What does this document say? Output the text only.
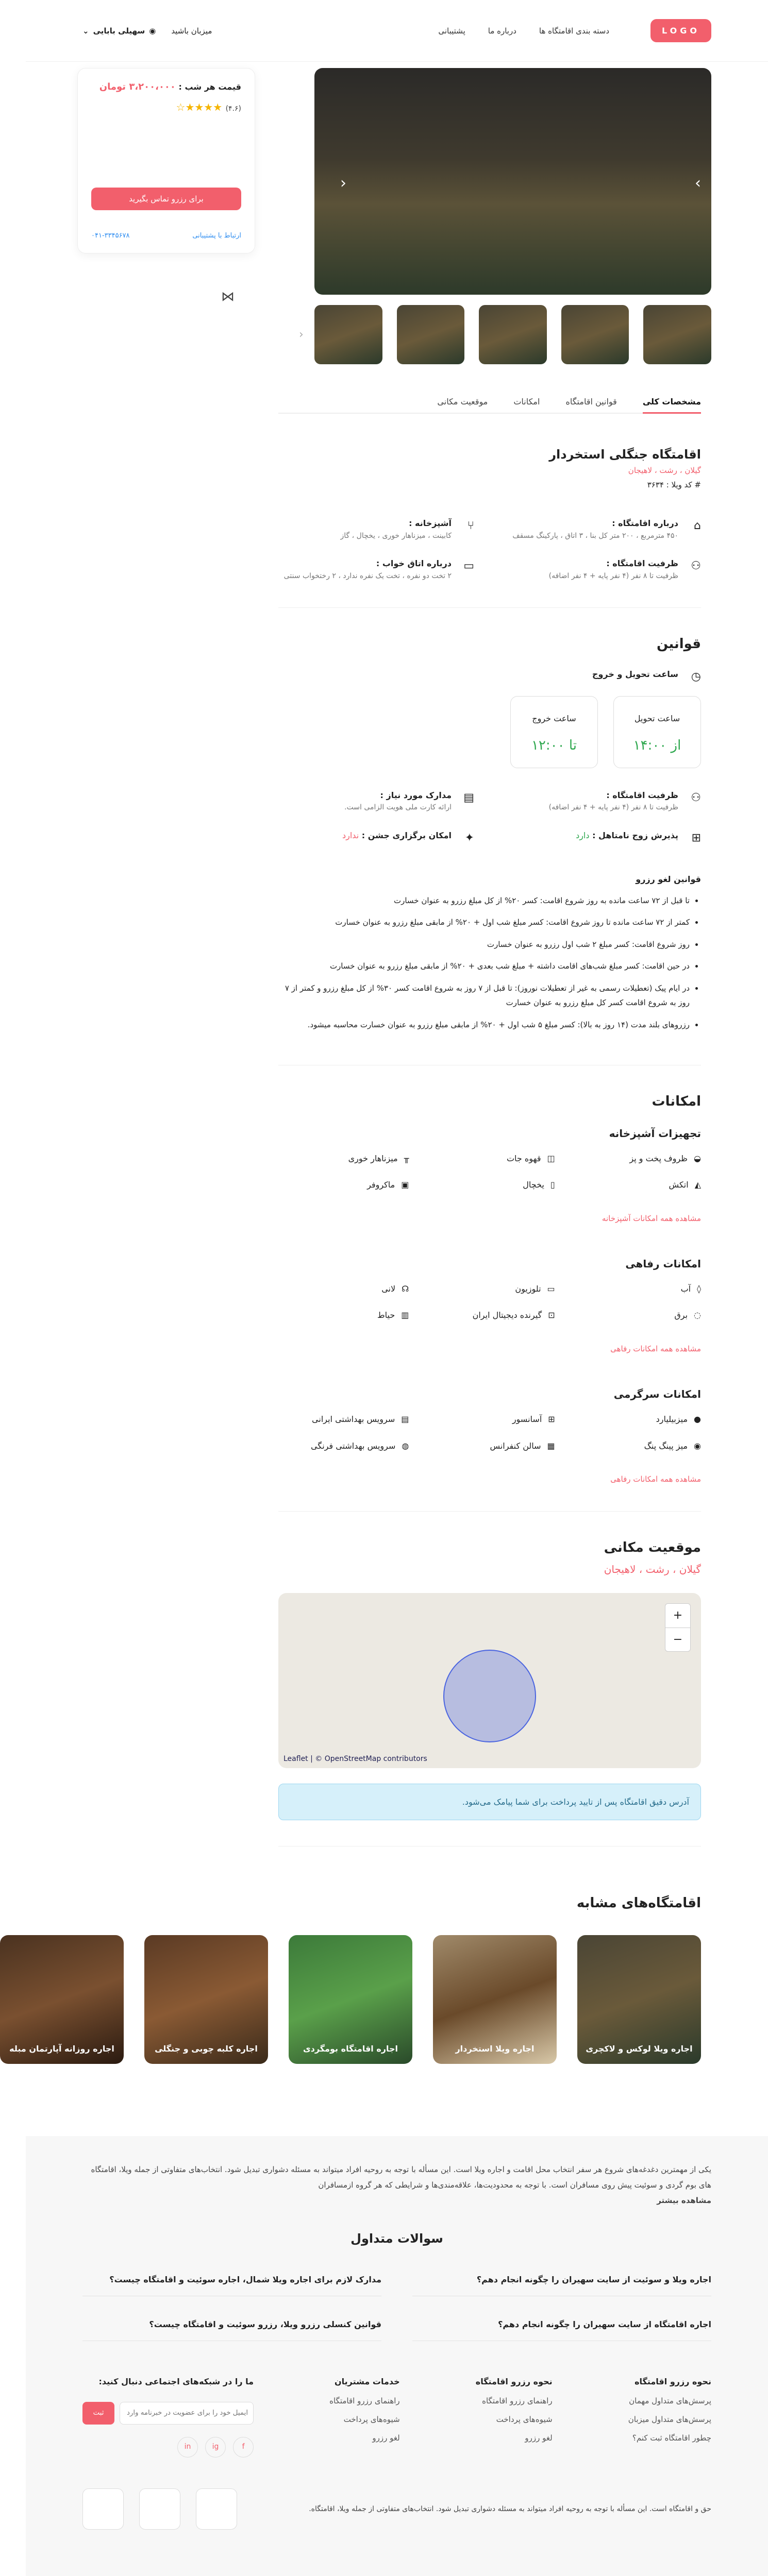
LOGO
دسته بندی اقامتگاه ها
درباره ما
پشتیبانی
میزبان باشید
◉
سهیلی بابایی
⌄
›
‹
‹
قیمت هر شب : ۳،۲۰۰،۰۰۰ تومان
(۴.۶) ★★★★☆
برای رزرو تماس بگیرید
ارتباط با پشتیبانی
۰۴۱-۳۳۴۵۶۷۸
⋈
مشخصات کلی
قوانین اقامتگاه
امکانات
موقعیت مکانی
اقامتگاه جنگلی استخردار
گیلان ، رشت ، لاهیجان
# کد ویلا : ۳۶۳۴
⌂
درباره اقامتگاه :
۴۵۰ مترمربع ، ۲۰۰ متر کل بنا ، ۳ اتاق ، پارکینگ مسقف
⑂
آشپزخانه :
کابینت ، میزناهار خوری ، یخچال ، گاز
⚇
ظرفیت اقامتگاه :
ظرفیت تا ۸ نفر (۴ نفر پایه + ۴ نفر اضافه)
▭
درباره اتاق خواب :
۲ تخت دو نفره ، تخت یک نفره ندارد ، ۲ رختخواب سنتی
قوانین
◷
ساعت تحویل و خروج
ساعت تحویل
از ۱۴:۰۰
ساعت خروج
تا ۱۲:۰۰
⚇
ظرفیت اقامتگاه :
ظرفیت تا ۸ نفر (۴ نفر پایه + ۴ نفر اضافه)
▤
مدارک مورد نیاز :
ارائه کارت ملی هویت الزامی است.
⊞
پذیرش زوج نامتاهل : دارد
✦
امکان برگزاری جشن : ندارد
قوانین لغو رزرو
• تا قبل از ۷۲ ساعت مانده به روز شروع اقامت: کسر ۲۰% از کل مبلغ رزرو به عنوان خسارت
• کمتر از ۷۲ ساعت مانده تا روز شروع اقامت: کسر مبلغ شب اول + ۲۰% از مابقی مبلغ رزرو به عنوان خسارت
• روز شروع اقامت: کسر مبلغ ۲ شب اول رزرو به عنوان خسارت
• در حین اقامت: کسر مبلغ شب‌های اقامت داشته + مبلغ شب بعدی + ۲۰% از مابقی مبلغ رزرو به عنوان خسارت
• در ایام پیک (تعطیلات رسمی به غیر از تعطیلات نوروز): تا قبل از ۷ روز به شروع اقامت کسر ۳۰% از کل مبلغ رزرو و کمتر از ۷ روز به شروع اقامت کسر کل مبلغ رزرو به عنوان خسارت
• رزروهای بلند مدت (۱۴ روز به بالا): کسر مبلغ ۵ شب اول + ۲۰% از مابقی مبلغ رزرو به عنوان خسارت محاسبه میشود.
امکانات
تجهیزات آشپزخانه
◒
ظروف پخت و پز
◫
قهوه جات
╥
میزناهار خوری
◭
اتکش
▯
یخچال
▣
ماکروفر
مشاهده همه امکانات آشپزخانه
امکانات رفاهی
◊
آب
▭
تلوزیون
☊
لانی
◌
برق
⊡
گیرنده دیجیتال ایران
▥
حیاط
مشاهده همه امکانات رفاهی
امکانات سرگرمی
●
میزبیلیارد
⊞
آسانسور
▤
سرویس بهداشتی ایرانی
◉
میز پینگ پنگ
▦
سالن کنفرانس
◍
سرویس بهداشتی فرنگی
مشاهده همه امکانات رفاهی
موقعیت مکانی
گیلان ، رشت ، لاهیجان
+
−
Leaflet | © OpenStreetMap contributors
آدرس دقیق اقامتگاه پس از تایید پرداخت برای شما پیامک می‌شود.
اقامتگاه‌های مشابه
اجاره ویلا لوکس و لاکچری
اجاره ویلا استخردار
اجاره اقامتگاه بومگردی
اجاره کلبه چوبی و جنگلی
اجاره روزانه آپارتمان مبله

یکی از مهمترین دغدغه‌های شروع هر سفر انتخاب محل اقامت و اجاره ویلا است. این مسأله با توجه به روحیه افراد میتواند به مسئله دشواری تبدیل شود. انتخاب‌های متفاوتی از جمله ویلا، اقامتگاه های بوم گردی و سوئیت پیش روی مسافران است. با توجه به محدودیت‌ها، علاقه‌مندی‌ها و شرایطی که هر گروه ازمسافران

مشاهده بیشتر

سوالات متداول
اجاره ویلا و سوئیت از سایت سهیران را چگونه انجام دهم؟
مدارک لازم برای اجاره ویلا شمال، اجاره سوئیت و اقامتگاه چیست؟
اجاره اقامتگاه از سایت سهیران را چگونه انجام دهم؟
قوانین کنسلی رزرو ویلا، رزرو سوئیت و اقامتگاه چیست؟
نحوه رزرو اقامتگاه
پرسش‌های متداول مهمان
پرسش‌های متداول میزبان
چطور اقامتگاه ثبت کنم؟
نحوه رزرو اقامتگاه
راهنمای رزرو اقامتگاه
شیوه‌های پرداخت
لغو رزرو
خدمات مشتریان
راهنمای رزرو اقامتگاه
شیوه‌های پرداخت
لغو رزرو
ما را در شبکه‌های اجتماعی دنبال کنید:
ایمیل خود را برای عضویت در خبرنامه وارد کنید
ثبت
f
ig
in
حق و اقامتگاه است. این مسأله با توجه به روحیه افراد میتواند به مسئله دشواری تبدیل شود. انتخاب‌های متفاوتی از جمله ویلا، اقامتگاه.
